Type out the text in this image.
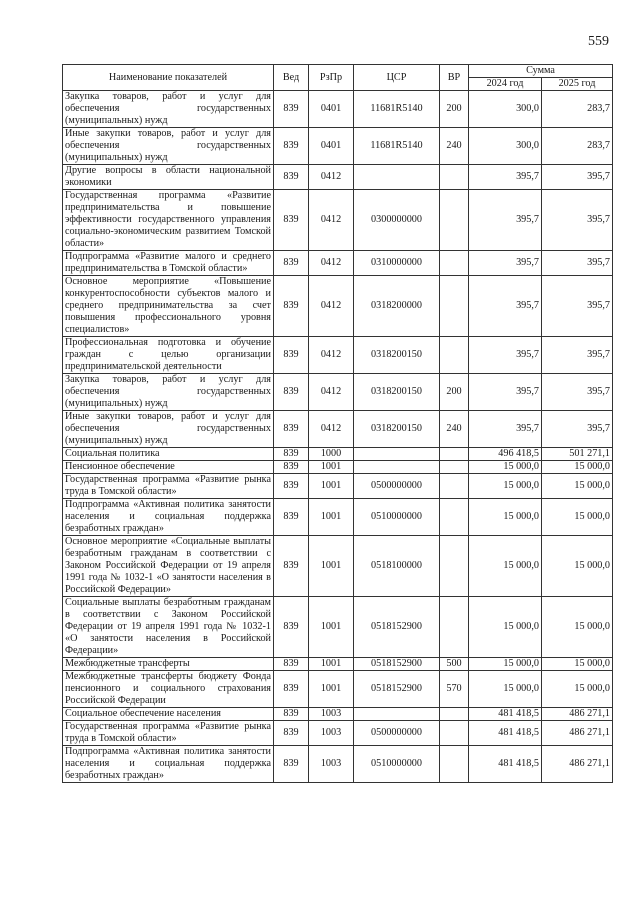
559
Наименование показателей	Вед	РзПр	ЦСР	ВР	Сумма	
					2024 год	2025 год
Закупка товаров, работ и услуг для обеспечения государственных (муниципальных) нужд	839	0401	11681R5140	200	300,0	283,7
Иные закупки товаров, работ и услуг для обеспечения государственных (муниципальных) нужд	839	0401	11681R5140	240	300,0	283,7
Другие вопросы в области национальной экономики	839	0412			395,7	395,7
Государственная программа «Развитие предпринимательства и повышение эффективности государственного управления социально-экономическим развитием Томской области»	839	0412	0300000000		395,7	395,7
Подпрограмма «Развитие малого и среднего предпринимательства в Томской области»	839	0412	0310000000		395,7	395,7
Основное мероприятие «Повышение конкурентоспособности субъектов малого и среднего предпринимательства за счет повышения профессионального уровня специалистов»	839	0412	0318200000		395,7	395,7
Профессиональная подготовка и обучение граждан с целью организации предпринимательской деятельности	839	0412	0318200150		395,7	395,7
Закупка товаров, работ и услуг для обеспечения государственных (муниципальных) нужд	839	0412	0318200150	200	395,7	395,7
Иные закупки товаров, работ и услуг для обеспечения государственных (муниципальных) нужд	839	0412	0318200150	240	395,7	395,7
Социальная политика	839	1000			496 418,5	501 271,1
Пенсионное обеспечение	839	1001			15 000,0	15 000,0
Государственная программа «Развитие рынка труда в Томской области»	839	1001	0500000000		15 000,0	15 000,0
Подпрограмма «Активная политика занятости населения и социальная поддержка безработных граждан»	839	1001	0510000000		15 000,0	15 000,0
Основное мероприятие «Социальные выплаты безработным гражданам в соответствии с Законом Российской Федерации от 19 апреля 1991 года № 1032-1 «О занятости населения в Российской Федерации»	839	1001	0518100000		15 000,0	15 000,0
Социальные выплаты безработным гражданам в соответствии с Законом Российской Федерации от 19 апреля 1991 года № 1032-1 «О занятости населения в Российской Федерации»	839	1001	0518152900		15 000,0	15 000,0
Межбюджетные трансферты	839	1001	0518152900	500	15 000,0	15 000,0
Межбюджетные трансферты бюджету Фонда пенсионного и социального страхования Российской Федерации	839	1001	0518152900	570	15 000,0	15 000,0
Социальное обеспечение населения	839	1003			481 418,5	486 271,1
Государственная программа «Развитие рынка труда в Томской области»	839	1003	0500000000		481 418,5	486 271,1
Подпрограмма «Активная политика занятости населения и социальная поддержка безработных граждан»	839	1003	0510000000		481 418,5	486 271,1
